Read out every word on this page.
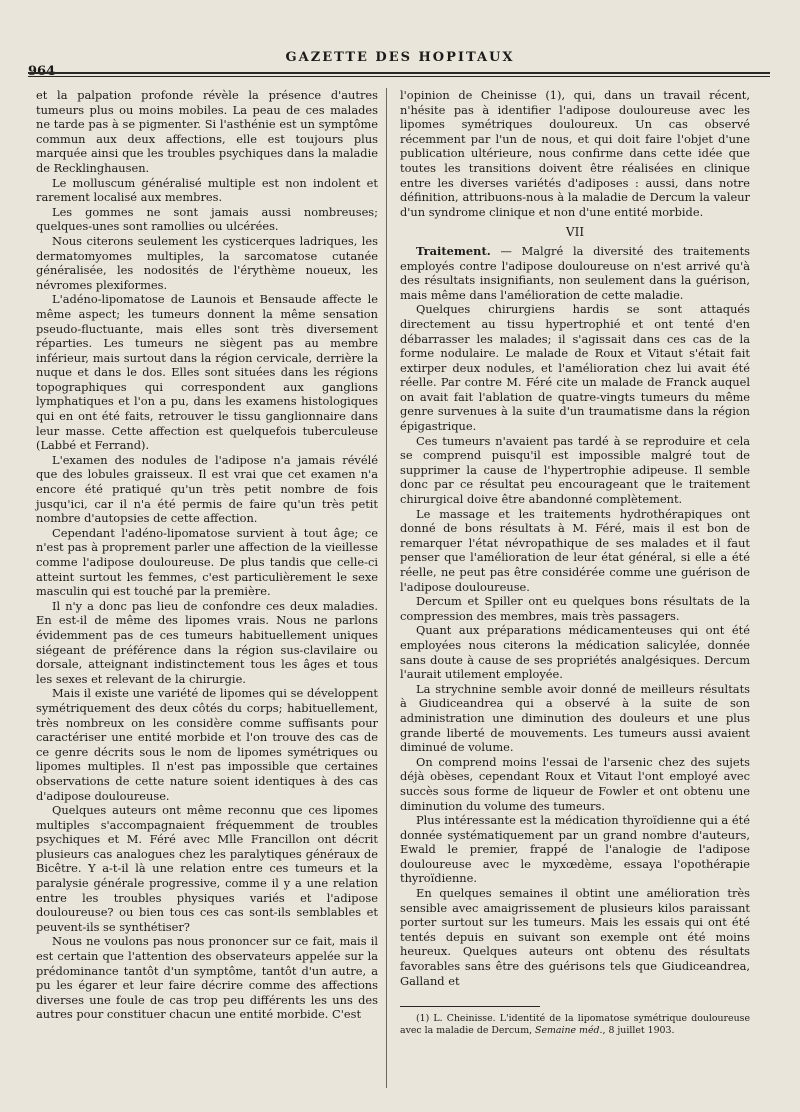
964
GAZETTE DES HOPITAUX

et la palpation profonde révèle la présence d'autres tumeurs plus ou moins mobiles. La peau de ces malades ne tarde pas à se pigmenter. Si l'asthénie est un symptôme commun aux deux affections, elle est toujours plus marquée ainsi que les troubles psychiques dans la maladie de Recklinghausen.

Le molluscum généralisé multiple est non indolent et rarement localisé aux membres.

Les gommes ne sont jamais aussi nombreuses; quelques-unes sont ramollies ou ulcérées.

Nous citerons seulement les cysticerques ladriques, les dermatomyomes multiples, la sarcomatose cutanée généralisée, les nodosités de l'érythème noueux, les névromes plexiformes.

L'adéno-lipomatose de Launois et Bensaude affecte le même aspect; les tumeurs donnent la même sensation pseudo-fluctuante, mais elles sont très diversement réparties. Les tumeurs ne siègent pas au membre inférieur, mais surtout dans la région cervicale, derrière la nuque et dans le dos. Elles sont situées dans les régions topographiques qui correspondent aux ganglions lymphatiques et l'on a pu, dans les examens histologiques qui en ont été faits, retrouver le tissu ganglionnaire dans leur masse. Cette affection est quelquefois tuberculeuse (Labbé et Ferrand).

L'examen des nodules de l'adipose n'a jamais révélé que des lobules graisseux. Il est vrai que cet examen n'a encore été pratiqué qu'un très petit nombre de fois jusqu'ici, car il n'a été permis de faire qu'un très petit nombre d'autopsies de cette affection.

Cependant l'adéno-lipomatose survient à tout âge; ce n'est pas à proprement parler une affection de la vieillesse comme l'adipose douloureuse. De plus tandis que celle-ci atteint surtout les femmes, c'est particulièrement le sexe masculin qui est touché par la première.

Il n'y a donc pas lieu de confondre ces deux maladies. En est-il de même des lipomes vrais. Nous ne parlons évidemment pas de ces tumeurs habituellement uniques siégeant de préférence dans la région sus-clavilaire ou dorsale, atteignant indistinctement tous les âges et tous les sexes et relevant de la chirurgie.

Mais il existe une variété de lipomes qui se développent symétriquement des deux côtés du corps; habituellement, très nombreux on les considère comme suffisants pour caractériser une entité morbide et l'on trouve des cas de ce genre décrits sous le nom de lipomes symétriques ou lipomes multiples. Il n'est pas impossible que certaines observations de cette nature soient identiques à des cas d'adipose douloureuse.

Quelques auteurs ont même reconnu que ces lipomes multiples s'accompagnaient fréquemment de troubles psychiques et M. Féré avec Mlle Francillon ont décrit plusieurs cas analogues chez les paralytiques généraux de Bicêtre. Y a-t-il là une relation entre ces tumeurs et la paralysie générale progressive, comme il y a une relation entre les troubles physiques variés et l'adipose douloureuse? ou bien tous ces cas sont-ils semblables et peuvent-ils se synthétiser?

Nous ne voulons pas nous prononcer sur ce fait, mais il est certain que l'attention des observateurs appelée sur la prédominance tantôt d'un symptôme, tantôt d'un autre, a pu les égarer et leur faire décrire comme des affections diverses une foule de cas trop peu différents les uns des autres pour constituer chacun une entité morbide. C'est

l'opinion de Cheinisse (1), qui, dans un travail récent, n'hésite pas à identifier l'adipose douloureuse avec les lipomes symétriques douloureux. Un cas observé récemment par l'un de nous, et qui doit faire l'objet d'une publication ultérieure, nous confirme dans cette idée que toutes les transitions doivent être réalisées en clinique entre les diverses variétés d'adiposes : aussi, dans notre définition, attribuons-nous à la maladie de Dercum la valeur d'un syndrome clinique et non d'une entité morbide.

VII

Traitement. — Malgré la diversité des traitements employés contre l'adipose douloureuse on n'est arrivé qu'à des résultats insignifiants, non seulement dans la guérison, mais même dans l'amélioration de cette maladie.

Quelques chirurgiens hardis se sont attaqués directement au tissu hypertrophié et ont tenté d'en débarrasser les malades; il s'agissait dans ces cas de la forme nodulaire. Le malade de Roux et Vitaut s'était fait extirper deux nodules, et l'amélioration chez lui avait été réelle. Par contre M. Féré cite un malade de Franck auquel on avait fait l'ablation de quatre-vingts tumeurs du même genre survenues à la suite d'un traumatisme dans la région épigastrique.

Ces tumeurs n'avaient pas tardé à se reproduire et cela se comprend puisqu'il est impossible malgré tout de supprimer la cause de l'hypertrophie adipeuse. Il semble donc par ce résultat peu encourageant que le traitement chirurgical doive être abandonné complètement.

Le massage et les traitements hydrothérapiques ont donné de bons résultats à M. Féré, mais il est bon de remarquer l'état névropathique de ses malades et il faut penser que l'amélioration de leur état général, si elle a été réelle, ne peut pas être considérée comme une guérison de l'adipose douloureuse.

Dercum et Spiller ont eu quelques bons résultats de la compression des membres, mais très passagers.

Quant aux préparations médicamenteuses qui ont été employées nous citerons la médication salicylée, donnée sans doute à cause de ses propriétés analgésiques. Dercum l'aurait utilement employée.

La strychnine semble avoir donné de meilleurs résultats à Giudiceandrea qui a observé à la suite de son administration une diminution des douleurs et une plus grande liberté de mouvements. Les tumeurs aussi avaient diminué de volume.

On comprend moins l'essai de l'arsenic chez des sujets déjà obèses, cependant Roux et Vitaut l'ont employé avec succès sous forme de liqueur de Fowler et ont obtenu une diminution du volume des tumeurs.

Plus intéressante est la médication thyroïdienne qui a été donnée systématiquement par un grand nombre d'auteurs, Ewald le premier, frappé de l'analogie de l'adipose douloureuse avec le myxœdème, essaya l'opothérapie thyroïdienne.

En quelques semaines il obtint une amélioration très sensible avec amaigrissement de plusieurs kilos paraissant porter surtout sur les tumeurs. Mais les essais qui ont été tentés depuis en suivant son exemple ont été moins heureux. Quelques auteurs ont obtenu des résultats favorables sans être des guérisons tels que Giudiceandrea, Galland et

(1) L. Cheinisse. L'identité de la lipomatose symétrique douloureuse avec la maladie de Dercum, Semaine méd., 8 juillet 1903.
